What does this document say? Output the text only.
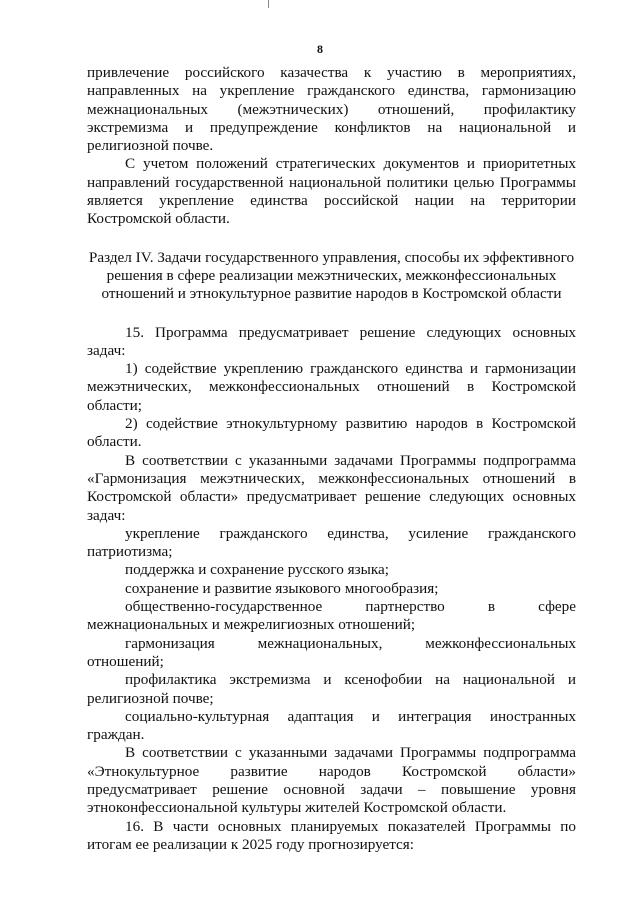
8

привлечение российского казачества к участию в мероприятиях, направленных на укрепление гражданского единства, гармонизацию межнациональных (межэтнических) отношений, профилактику экстремизма и предупреждение конфликтов на национальной и религиозной почве.

С учетом положений стратегических документов и приоритетных направлений государственной национальной политики целью Программы является укрепление единства российской нации на территории Костромской области.

Раздел IV. Задачи государственного управления, способы их эффективного решения в сфере реализации межэтнических, межконфессиональных отношений и этнокультурное развитие народов в Костромской области

15. Программа предусматривает решение следующих основных задач:

1) содействие укреплению гражданского единства и гармонизации межэтнических, межконфессиональных отношений в Костромской области;

2) содействие этнокультурному развитию народов в Костромской области.

В соответствии с указанными задачами Программы подпрограмма «Гармонизация межэтнических, межконфессиональных отношений в Костромской области» предусматривает решение следующих основных задач:

укрепление гражданского единства, усиление гражданского патриотизма;

поддержка и сохранение русского языка;

сохранение и развитие языкового многообразия;

общественно-государственное партнерство в сфере межнациональных и межрелигиозных отношений;

гармонизация межнациональных, межконфессиональных отношений;

профилактика экстремизма и ксенофобии на национальной и религиозной почве;

социально-культурная адаптация и интеграция иностранных граждан.

В соответствии с указанными задачами Программы подпрограмма «Этнокультурное развитие народов Костромской области» предусматривает решение основной задачи – повышение уровня этноконфессиональной культуры жителей Костромской области.

16. В части основных планируемых показателей Программы по итогам ее реализации к 2025 году прогнозируется:
